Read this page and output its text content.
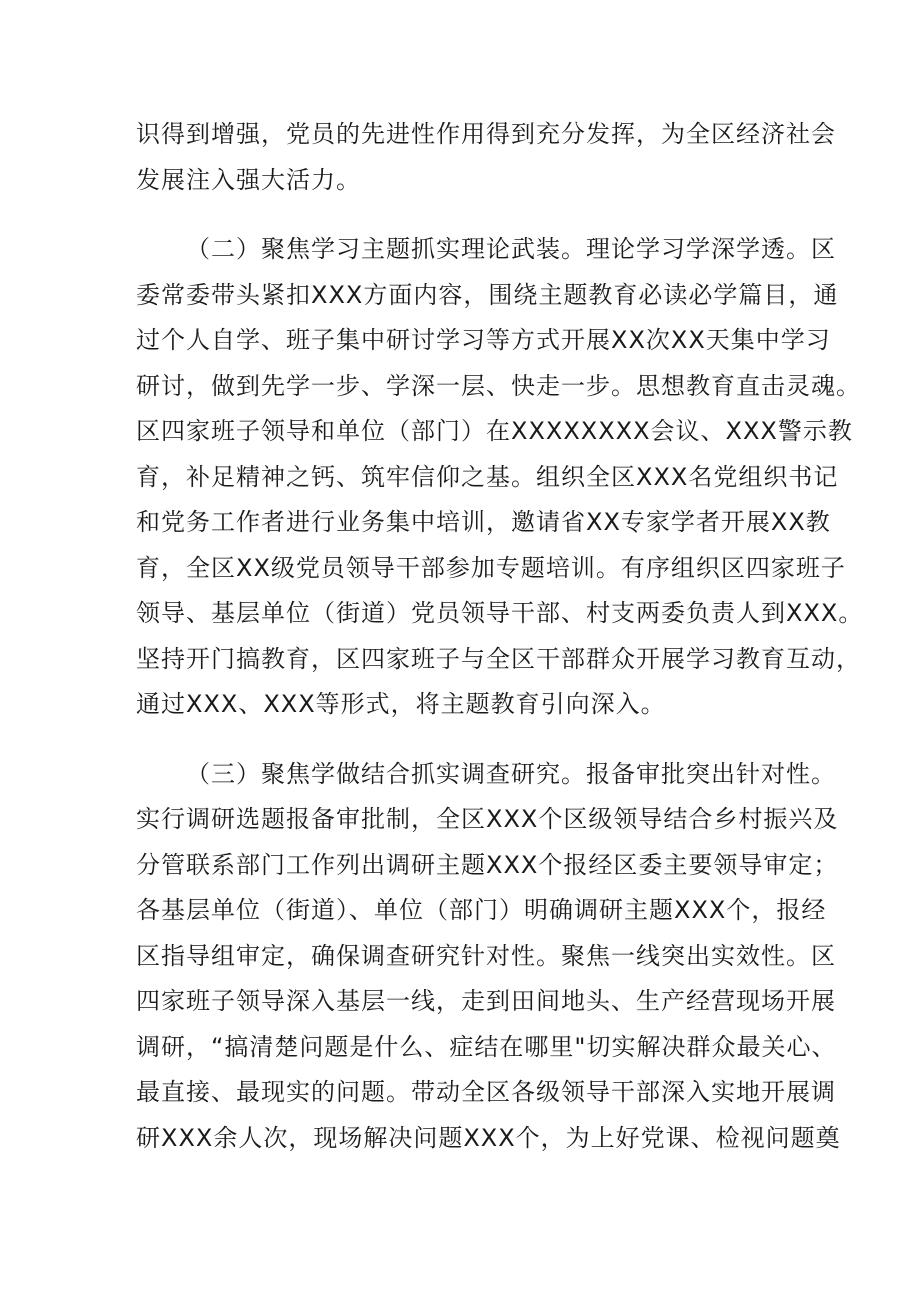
识得到增强，党员的先进性作用得到充分发挥，为全区经济社会
发展注入强大活力。
（二）聚焦学习主题抓实理论武装。理论学习学深学透。区
委常委带头紧扣XXX方面内容，围绕主题教育必读必学篇目，通
过个人自学、班子集中研讨学习等方式开展XX次XX天集中学习
研讨，做到先学一步、学深一层、快走一步。思想教育直击灵魂。
区四家班子领导和单位（部门）在XXXXXXXX会议、XXX警示教
育，补足精神之钙、筑牢信仰之基。组织全区XXX名党组织书记
和党务工作者进行业务集中培训，邀请省XX专家学者开展XX教
育，全区XX级党员领导干部参加专题培训。有序组织区四家班子
领导、基层单位（街道）党员领导干部、村支两委负责人到XXX。
坚持开门搞教育，区四家班子与全区干部群众开展学习教育互动，
通过XXX、XXX等形式，将主题教育引向深入。
（三）聚焦学做结合抓实调查研究。报备审批突出针对性。
实行调研选题报备审批制，全区XXX个区级领导结合乡村振兴及
分管联系部门工作列出调研主题XXX个报经区委主要领导审定；
各基层单位（街道）、单位（部门）明确调研主题XXX个，报经
区指导组审定，确保调查研究针对性。聚焦一线突出实效性。区
四家班子领导深入基层一线，走到田间地头、生产经营现场开展
调研，“搞清楚问题是什么、症结在哪里"切实解决群众最关心、
最直接、最现实的问题。带动全区各级领导干部深入实地开展调
研XXX余人次，现场解决问题XXX个，为上好党课、检视问题奠
